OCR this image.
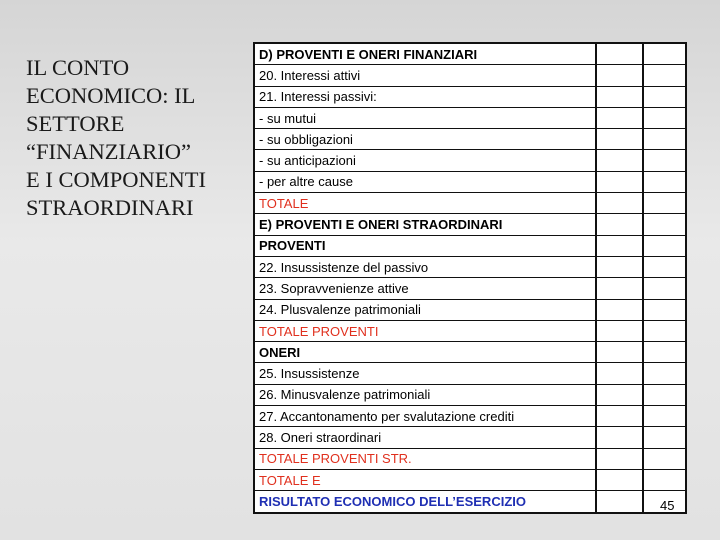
IL CONTO
ECONOMICO: IL
SETTORE
“FINANZIARIO”
E I COMPONENTI
STRAORDINARI
D) PROVENTI E ONERI FINANZIARI		
20. Interessi attivi		
21. Interessi passivi:		
- su mutui		
- su obbligazioni		
- su anticipazioni		
- per altre cause		
TOTALE		
E) PROVENTI E ONERI STRAORDINARI		
PROVENTI		
22. Insussistenze del passivo		
23. Sopravvenienze attive		
24. Plusvalenze patrimoniali		
TOTALE PROVENTI		
ONERI		
25. Insussistenze		
26. Minusvalenze patrimoniali		
27. Accantonamento per svalutazione crediti		
28. Oneri straordinari		
TOTALE PROVENTI STR.		
TOTALE E		
RISULTATO ECONOMICO DELL’ESERCIZIO			45
